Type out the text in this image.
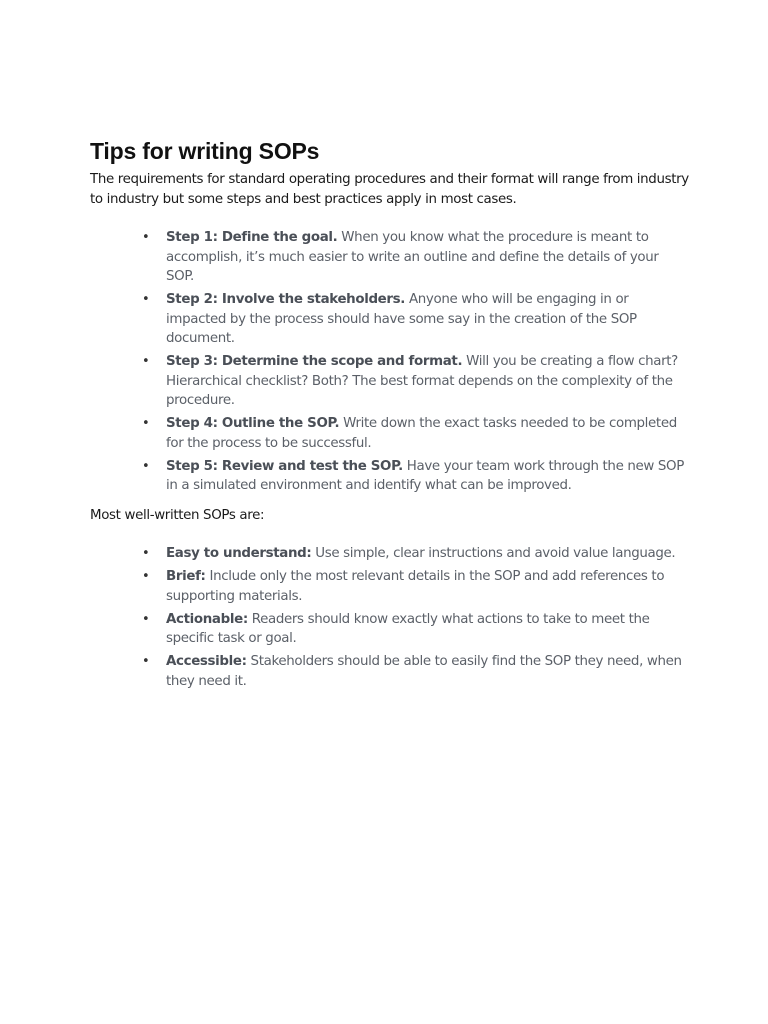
Tips for writing SOPs

The requirements for standard operating procedures and their format will range from industry to industry but some steps and best practices apply in most cases.

• Step 1: Define the goal. When you know what the procedure is meant to accomplish, it’s much easier to write an outline and define the details of your SOP.
• Step 2: Involve the stakeholders. Anyone who will be engaging in or impacted by the process should have some say in the creation of the SOP document.
• Step 3: Determine the scope and format. Will you be creating a flow chart? Hierarchical checklist? Both? The best format depends on the complexity of the procedure.
• Step 4: Outline the SOP. Write down the exact tasks needed to be completed for the process to be successful.
• Step 5: Review and test the SOP. Have your team work through the new SOP in a simulated environment and identify what can be improved.

Most well-written SOPs are:

• Easy to understand: Use simple, clear instructions and avoid value language.
• Brief: Include only the most relevant details in the SOP and add references to supporting materials.
• Actionable: Readers should know exactly what actions to take to meet the specific task or goal.
• Accessible: Stakeholders should be able to easily find the SOP they need, when they need it.
